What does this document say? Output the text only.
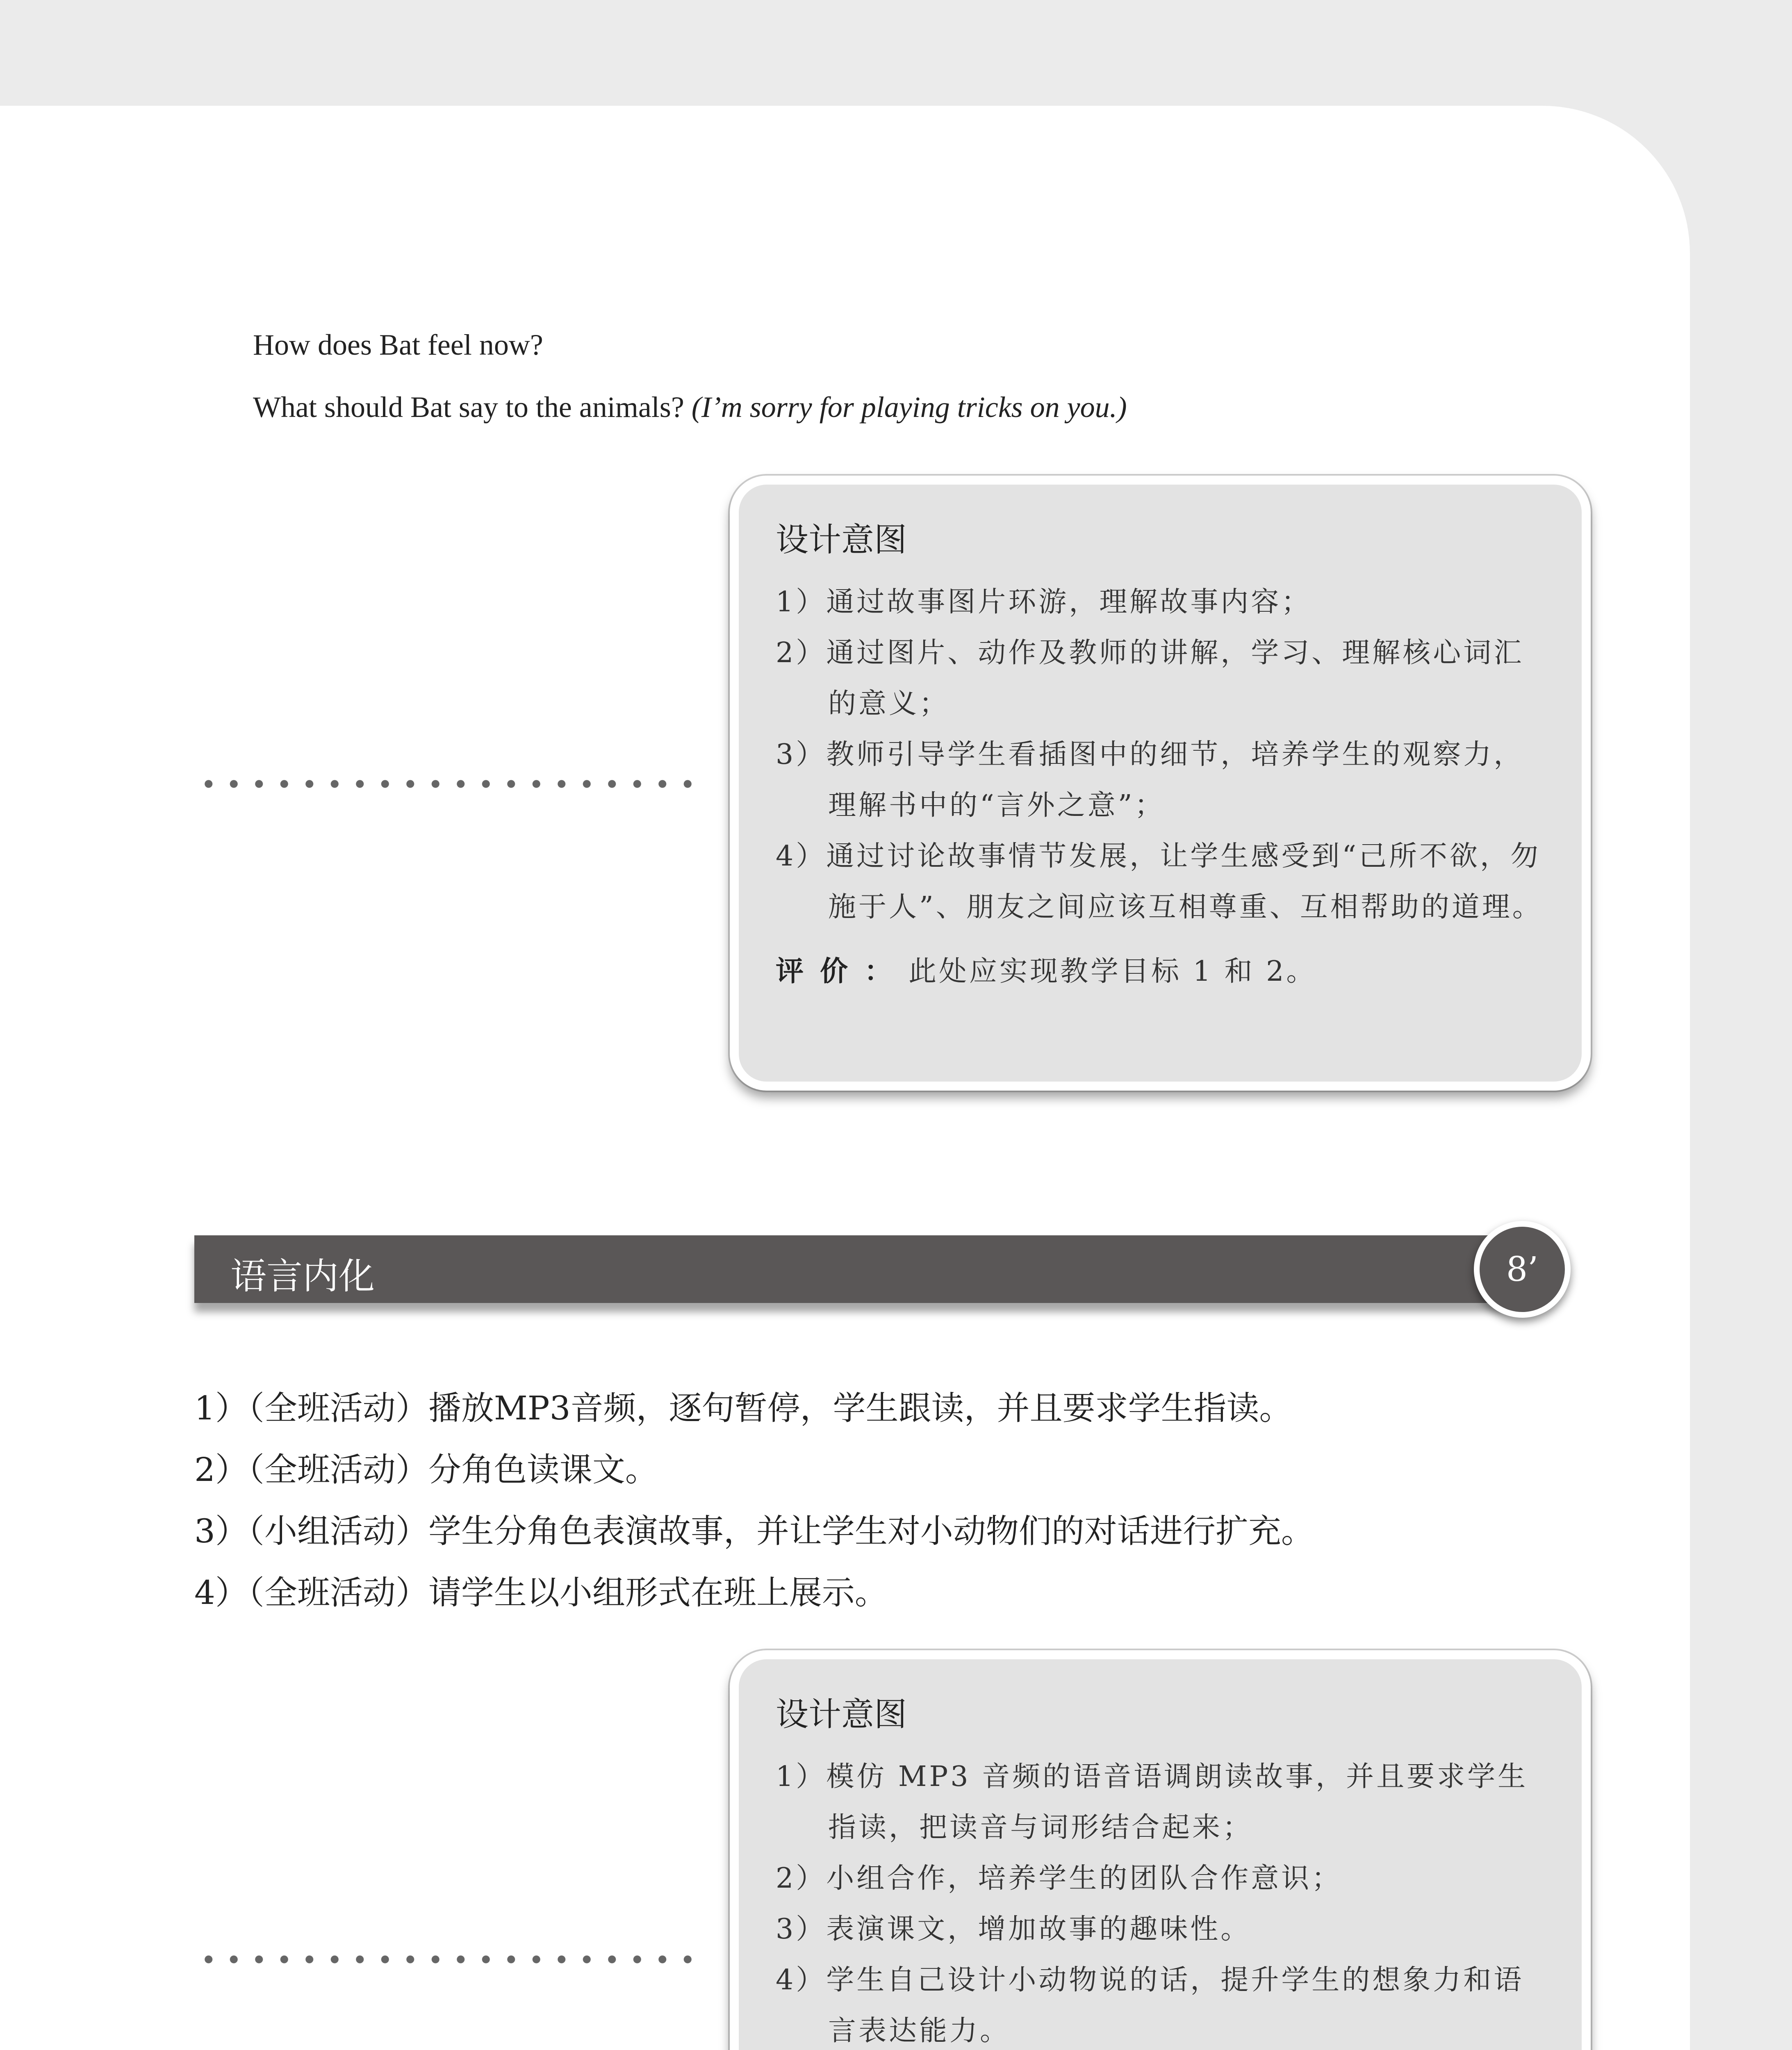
How does Bat feel now?
What should Bat say to the animals? (I’m sorry for playing tricks on you.)
设计意图
1）通过故事图片环游，理解故事内容；
2）通过图片、动作及教师的讲解，学习、理解核心词汇的意义；
3）教师引导学生看插图中的细节，培养学生的观察力，理解书中的“言外之意”；
4）通过讨论故事情节发展，让学生感受到“己所不欲，勿施于人”、朋友之间应该互相尊重、互相帮助的道理。
评价：此处应实现教学目标 1 和 2。
语言内化	8’
1）（全班活动）播放MP3音频，逐句暂停，学生跟读，并且要求学生指读。
2）（全班活动）分角色读课文。
3）（小组活动）学生分角色表演故事，并让学生对小动物们的对话进行扩充。
4）（全班活动）请学生以小组形式在班上展示。
设计意图
1）模仿 MP3 音频的语音语调朗读故事，并且要求学生指读，把读音与词形结合起来；
2）小组合作，培养学生的团队合作意识；
3）表演课文，增加故事的趣味性。
4）学生自己设计小动物说的话，提升学生的想象力和语言表达能力。
